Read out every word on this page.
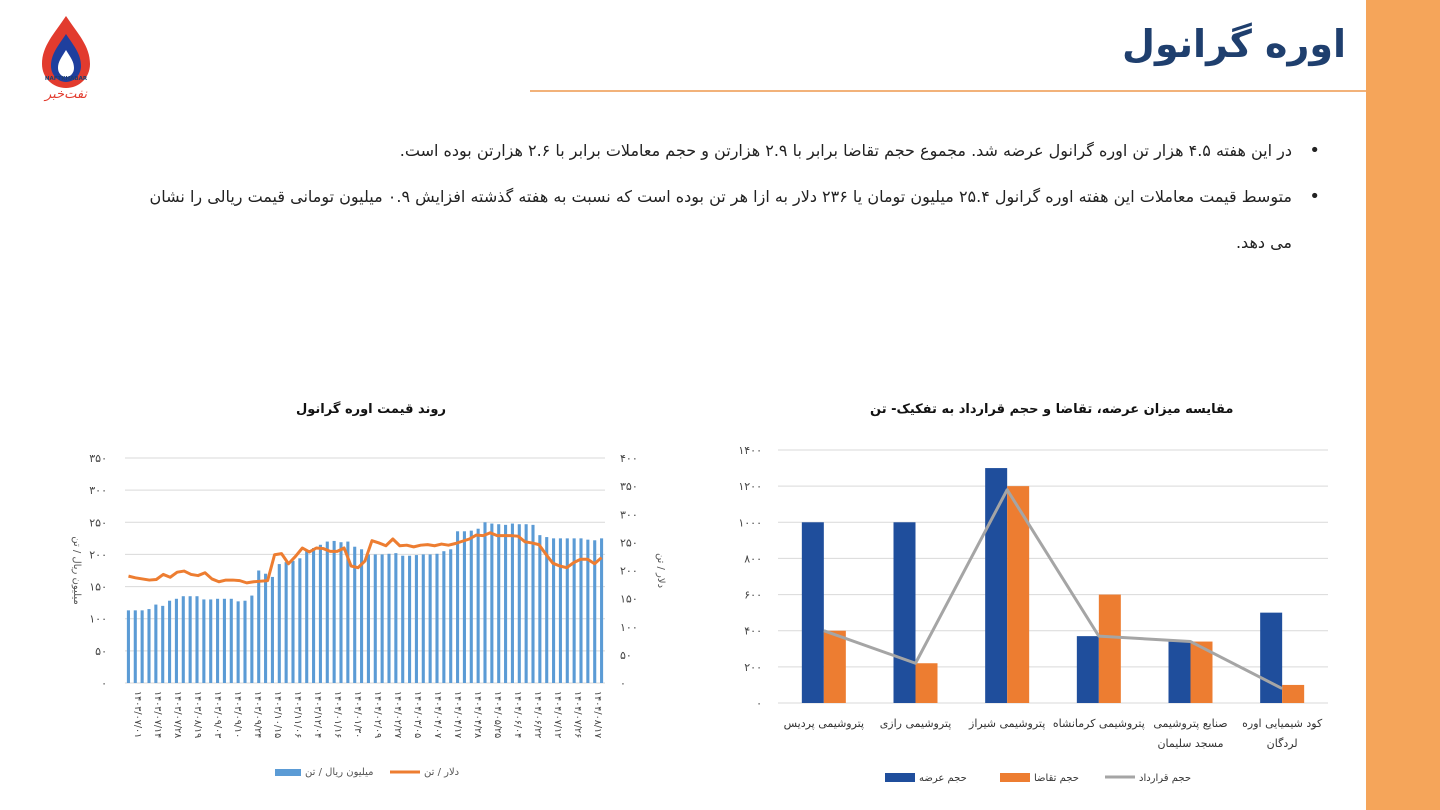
NAFTKHABAR
نفت‌خبر
اوره گرانول
• در این هفته ۴.۵ هزار تن اوره گرانول عرضه شد. مجموع حجم تقاضا برابر با ۲.۹ هزارتن و حجم معاملات برابر با ۲.۶ هزارتن بوده است.
• متوسط قیمت معاملات این هفته اوره گرانول ۲۵.۴ میلیون تومان یا ۲۳۶ دلار به ازا هر تن بوده است که نسبت به هفته گذشته افزایش ۰.۹ میلیون تومانی قیمت ریالی را نشان می دهد.
روند قیمت اوره گرانول
۰
۵۰
۱۰۰
۱۵۰
۲۰۰
۲۵۰
۳۰۰
۳۵۰
۰
۵۰
۱۰۰
۱۵۰
۲۰۰
۲۵۰
۳۰۰
۳۵۰
۴۰۰
میلیون ریال / تن	دلار / تن
۱۴۰۳/۰۷/۰۱ ۱۴۰۳/۰۷/۱۴ ۱۴۰۳/۰۷/۲۸ ۱۴۰۳/۰۸/۱۹ ۱۴۰۳/۰۹/۰۳ ۱۴۰۳/۰۹/۱۰ ۱۴۰۳/۰۹/۲۴ ۱۴۰۳/۱۰/۱۵ ۱۴۰۳/۱۱/۰۶ ۱۴۰۳/۱۲/۰۴ ۱۴۰۴/۰۱/۱۶ ۱۴۰۴/۰۱/۳۰ ۱۴۰۴/۰۲/۰۹ ۱۴۰۴/۰۲/۲۷ ۱۴۰۴/۰۳/۰۵ ۱۴۰۴/۰۴/۰۷ ۱۴۰۴/۰۴/۱۷ ۱۴۰۴/۰۴/۲۸ ۱۴۰۴/۰۵/۲۵ ۱۴۰۴/۰۶/۰۴ ۱۴۰۴/۰۶/۲۲ ۱۴۰۴/۰۷/۱۲ ۱۴۰۴/۰۷/۲۶ ۱۴۰۴/۰۸/۱۷
میلیون ریال / تن	دلار / تن
مقایسه میزان عرضه، تقاضا و حجم قرارداد به تفکیک- تن
۰
۲۰۰
۴۰۰
۶۰۰
۸۰۰
۱۰۰۰
۱۲۰۰
۱۴۰۰
پتروشیمی پردیس پتروشیمی رازی پتروشیمی شیراز پتروشیمی کرمانشاه صنایع پتروشیمی
مسجد سلیمان
کود شیمیایی اوره
لردگان
حجم عرضه	حجم تقاضا	حجم قرارداد
